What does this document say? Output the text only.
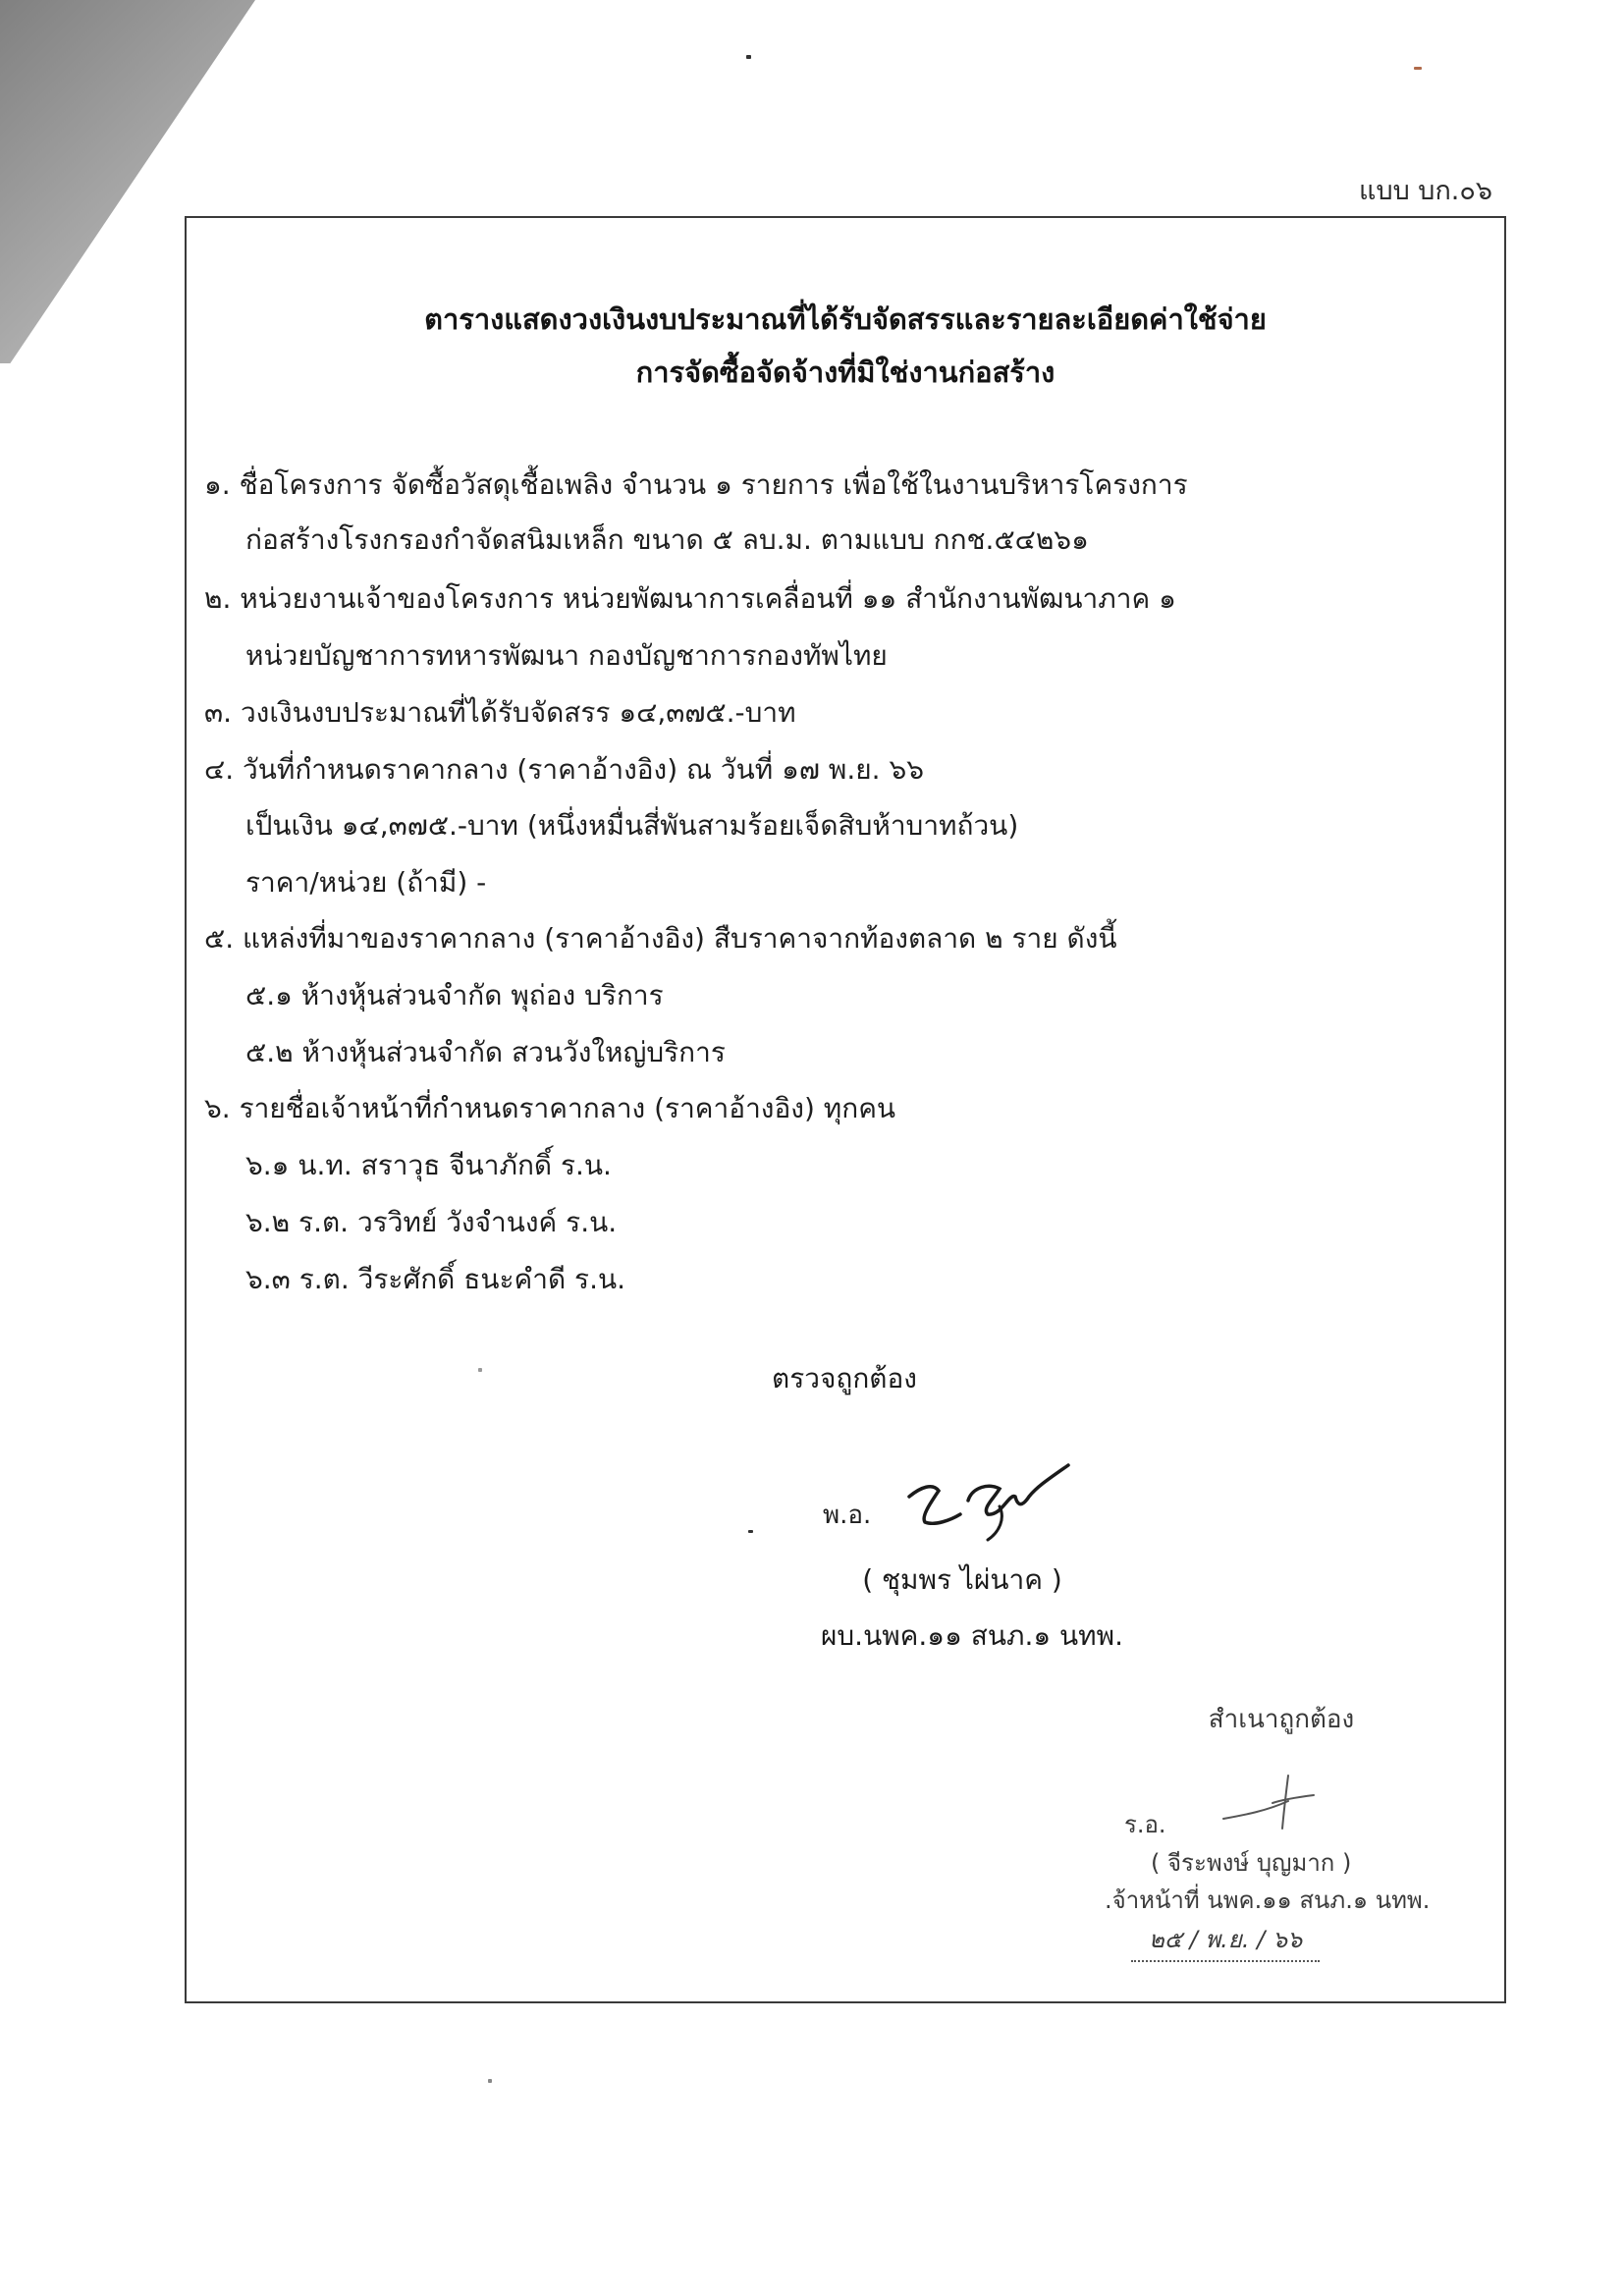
แบบ บก.๐๖
ตารางแสดงวงเงินงบประมาณที่ได้รับจัดสรรและรายละเอียดค่าใช้จ่าย
การจัดซื้อจัดจ้างที่มิใช่งานก่อสร้าง
๑. ชื่อโครงการ จัดซื้อวัสดุเชื้อเพลิง จำนวน ๑ รายการ เพื่อใช้ในงานบริหารโครงการ
ก่อสร้างโรงกรองกำจัดสนิมเหล็ก ขนาด ๕ ลบ.ม. ตามแบบ กกช.๕๔๒๖๑
๒. หน่วยงานเจ้าของโครงการ หน่วยพัฒนาการเคลื่อนที่ ๑๑ สำนักงานพัฒนาภาค ๑
หน่วยบัญชาการทหารพัฒนา กองบัญชาการกองทัพไทย
๓. วงเงินงบประมาณที่ได้รับจัดสรร ๑๔,๓๗๕.-บาท
๔. วันที่กำหนดราคากลาง (ราคาอ้างอิง) ณ วันที่ ๑๗ พ.ย. ๖๖
เป็นเงิน ๑๔,๓๗๕.-บาท (หนึ่งหมื่นสี่พันสามร้อยเจ็ดสิบห้าบาทถ้วน)
ราคา/หน่วย (ถ้ามี) -
๕. แหล่งที่มาของราคากลาง (ราคาอ้างอิง) สืบราคาจากท้องตลาด ๒ ราย ดังนี้
๕.๑ ห้างหุ้นส่วนจำกัด พุถ่อง บริการ
๕.๒ ห้างหุ้นส่วนจำกัด สวนวังใหญ่บริการ
๖. รายชื่อเจ้าหน้าที่กำหนดราคากลาง (ราคาอ้างอิง) ทุกคน
๖.๑ น.ท. สราวุธ จีนาภักดิ์ ร.น.
๖.๒ ร.ต. วรวิทย์ วังจำนงค์ ร.น.
๖.๓ ร.ต. วีระศักดิ์ ธนะคำดี ร.น.
ตรวจถูกต้อง
พ.อ.
( ชุมพร ไผ่นาค )
ผบ.นพค.๑๑ สนภ.๑ นทพ.
สำเนาถูกต้อง
ร.อ.
( จีระพงษ์ บุญมาก )
.จ้าหน้าที่ นพค.๑๑ สนภ.๑ นทพ.
๒๕ / พ.ย. / ๖๖
